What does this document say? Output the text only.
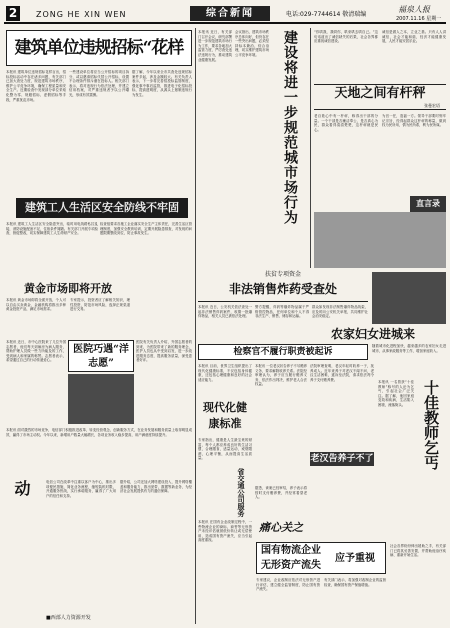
2	ZONG HE XIN WEN	综合新闻	电话:029-7744614 敬清瑞编
福泉人报
2007.11.16 星期一
建筑单位违规招标“花样
本报讯 建筑单位违规招标花样百出，招标投标活动中存在诸多问题，有关部门已加大查处力度，规范建筑市场秩序，维护公平竞争环境，确保工程质量和安全生产。近期检查中发现部分单位采取化整为零、规避招标、虚假招标等手段，严重扰乱市场。
一些建设单位将应当公开招标的项目拆分，或以邀请招标代替公开招标，设置不合理条件排斥潜在投标人。相关部门表示，将对违规行为依法处理，并建立信用档案，对严重违规者予以公开曝光，形成有效震慑。
据了解，今年以来全市共查处违规招标案件多起，涉及金额较大。有关负责人表示，下一步将完善招投标监管制度，强化事中事后监管，推进电子化招标投标，提高透明度，从源头上遏制违规行为发生。
建筑工人生活区安全防线不牢固
本报讯 建筑工人生活区安全隐患突出，临时用电线路私拉乱接，消防设施配备不足，住宿条件简陋。有关部门开展专项检查，督促整改，切实保障建筑工人生命财产安全。
检查组要求各施工企业落实安全生产主体责任，完善生活区管理制度，加强安全教育培训，定期开展隐患排查，对发现的问题限期整改到位，防止事故发生。
黄金市场即将开放
本报讯 黄金市场即将全面开放，个人可以自由买卖黄金，金融机构将推出多种黄金投资产品，满足市场需求。
专家提示，投资者应了解相关知识，理性投资，防范市场风险，选择正规渠道进行交易。
本报讯 近日，市中心医院来了几位外国志愿者，他们每天到病房为病人服务，帮助护理人员做一些力所能及的工作，受到病人和家属的称赞。志愿者表示，希望通过自己的行动传递爱心。
医院巧遇“洋志愿”
医院有关负责人介绍，外国志愿者的到来，为医院带来了新的服务理念，医护人员也从中受到启发，进一步改进服务态度，提高服务质量，深受患者好评。
本报讯 面对激烈的市场竞争，电信部门积极推进改革，转变经营观念，创新服务方式，在业务发展和服务质量上取得明显成效，赢得了市场主动权。今年以来，新增用户数量大幅增长，各项业务收入稳步提高，用户满意度持续提升。
动	电信公司在改革中注重以客户为中心，推出多项便民措施，简化业务流程，缩短装机时限，开通服务热线，实行承诺服务，赢得了广大用户的信任和支持。
据介绍，公司还加大网络建设投入，提升网络覆盖和服务能力，推出宽带、数据等新业务，为经济社会发展提供有力的通信保障。
■西部人力资源开发
本报讯 近日，有关部门召开会议，研究部署进一步规范建筑市场行为工作，要求各地加大监管力度，严厉查处违法违规行为，推动建筑业健康发展。
会议指出，建筑市场秩序总体向好，但仍存在一些突出问题，必须坚持标本兼治、综合治理，切实维护建筑市场公平竞争环境。	建设将进一步规范城市场行为	“你哄我，我哄你，哄来哄去哄自己。”这句话道出了诚信缺失的后果，社会各界都应重视诚信建设。
诚信是做人之本，立业之基。只有人人讲诚信，社会才能和谐，经济才能健康发展，人民才能安居乐业。
天地之间有杆秤
张曼宏语
老百姓心中有一杆秤，称得出干部的分量。一个干部是否廉洁奉公、是否真心为民，群众看得清清楚楚，这杆秤就是民心。
为官一任，造福一方。领导干部要时刻牢记宗旨，经得起群众这杆秤的称量，做到权为民所用，情为民所系，利为民所谋。
直言录
扶贫专项资金
非法销售炸药受查处
本报讯 近日，公安机关依法查处一起非法销售炸药案件，收缴一批爆炸物品，相关人员已被依法处理。
警方提醒，炸药等爆炸物品属于严格管控物品，任何单位和个人不得非法生产、销售、储存和运输。
群众如发现非法制售爆炸物品线索，应及时向公安机关举报，共同维护社会治安稳定。
检察官不履行职责被起诉
农家妇女进城来
随着城市化进程加快，越来越多的农家妇女走进城市，从事家政服务等工作，增加家庭收入。
本报讯 目前，世界卫生组织提出了现代化健康标准，不仅包括身体健康，还包括心理健康和良好的社会适应能力。
现代化健康标准
专家指出，健康是人生最宝贵的财富，每个人都应养成良好的生活习惯，合理膳食，适量运动，戒烟限酒，心理平衡，从而提高生活质量。
本报讯 一位老汉状告养子不尽赡养义务，要求解除收养关系。法院经审理认为，养子应当履行赡养义务，依法作出判决，维护老人合法权益。
老汉告养子不了
法院审理查明，老汉年轻时收养一子，抚养成人。近年来养子对老汉不闻不问，老汉生活困难，遂诉至法院，请求依法判令养子支付赡养费。
据悉，该案已经审结，养子表示将按时支付赡养费，并经常看望老人。
痛心关之
省交通公司服务
国有物流企业
无形资产流失
应予重视
本报讯 在国有企业改制过程中，一些物流企业的商标、商誉等无形资产未经评估就被低价转让或无偿使用，造成国有资产流失，应当引起高度重视。
专家建议，企业改制应依法对无形资产进行评估，建立健全监管制度，防止国有资产流失。
有关部门表示，将加强对改制企业的监督检查，确保国有资产保值增值。
本报讯 一名曾获“十佳教师”称号的人沦为乞丐，引起社会广泛关注。据了解，他因家庭变故和疾病，生活陷入困境，流落街头。	十佳教师乞丐
社会各界纷纷伸出援助之手，有关部门已将其妥善安置，并帮助他治疗疾病、重新开始生活。
